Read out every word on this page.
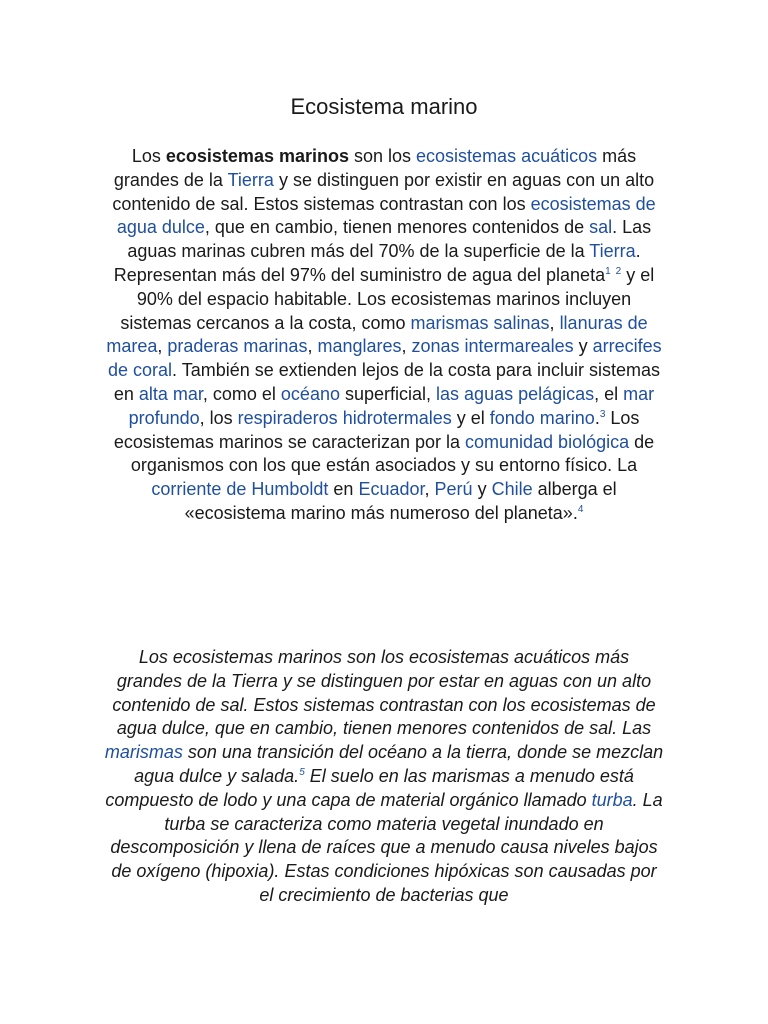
Ecosistema marino

Los ecosistemas marinos son los ecosistemas acuáticos más grandes de la Tierra y se distinguen por existir en aguas con un alto contenido de sal. Estos sistemas contrastan con los ecosistemas de agua dulce, que en cambio, tienen menores contenidos de sal. Las aguas marinas cubren más del 70% de la superficie de la Tierra. Representan más del 97% del suministro de agua del planeta$^1$ $^2$ y el 90% del espacio habitable. Los ecosistemas marinos incluyen sistemas cercanos a la costa, como marismas salinas, llanuras de marea, praderas marinas, manglares, zonas intermareales y arrecifes de coral. También se extienden lejos de la costa para incluir sistemas en alta mar, como el océano superficial, las aguas pelágicas, el mar profundo, los respiraderos hidrotermales y el fondo marino.$^3$ Los ecosistemas marinos se caracterizan por la comunidad biológica de organismos con los que están asociados y su entorno físico. La corriente de Humboldt en Ecuador, Perú y Chile alberga el «ecosistema marino más numeroso del planeta».$^4$

Los ecosistemas marinos son los ecosistemas acuáticos más grandes de la Tierra y se distinguen por estar en aguas con un alto contenido de sal. Estos sistemas contrastan con los ecosistemas de agua dulce, que en cambio, tienen menores contenidos de sal. Las marismas son una transición del océano a la tierra, donde se mezclan agua dulce y salada.$^5$ El suelo en las marismas a menudo está compuesto de lodo y una capa de material orgánico llamado turba. La turba se caracteriza como materia vegetal inundado en descomposición y llena de raíces que a menudo causa niveles bajos de oxígeno (hipoxia). Estas condiciones hipóxicas son causadas por el crecimiento de bacterias que
